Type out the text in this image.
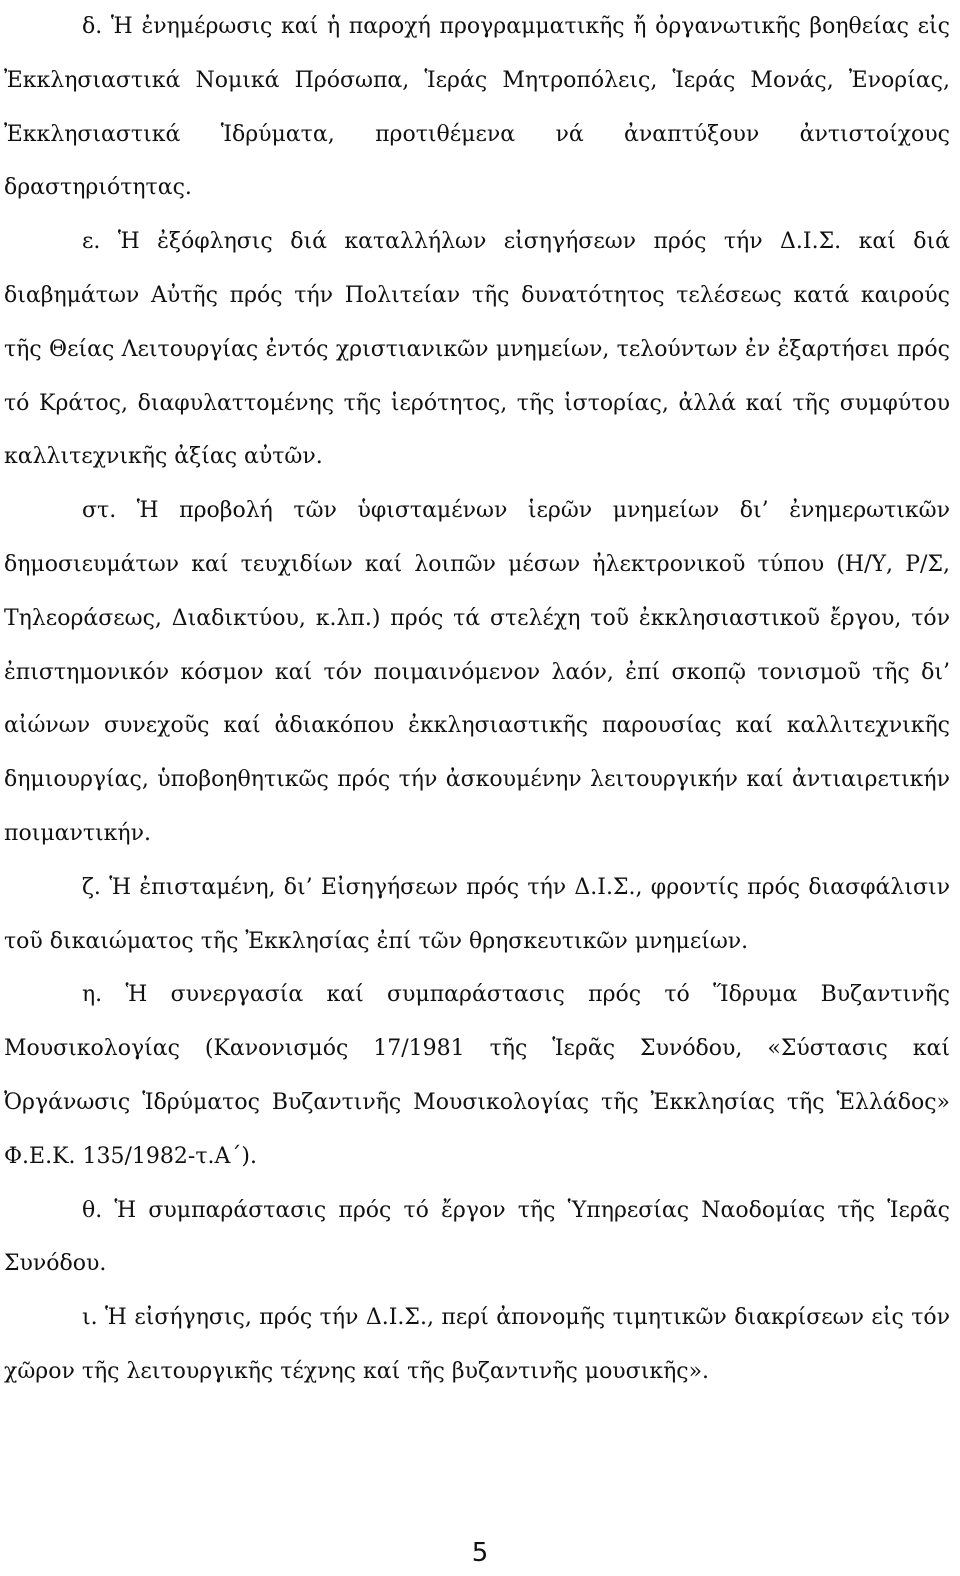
δ. Ἡ ἐνημέρωσις καί ἡ παροχή προγραμματικῆς ἤ ὀργανωτικῆς βοηθείας εἰς Ἐκκλησιαστικά Νομικά Πρόσωπα, Ἱεράς Μητροπόλεις, Ἱεράς Μονάς, Ἐνορίας, Ἐκκλησιαστικά Ἱδρύματα, προτιθέμενα νά ἀναπτύξουν ἀντιστοίχους δραστηριότητας.

ε. Ἡ ἐξόφλησις διά καταλλήλων εἰσηγήσεων πρός τήν Δ.Ι.Σ. καί διά διαβημάτων Αὐτῆς πρός τήν Πολιτείαν τῆς δυνατότητος τελέσεως κατά καιρούς τῆς Θείας Λειτουργίας ἐντός χριστιανικῶν μνημείων, τελούντων ἐν ἐξαρτήσει πρός τό Κράτος, διαφυλαττομένης τῆς ἱερότητος, τῆς ἱστορίας, ἀλλά καί τῆς συμφύτου καλλιτεχνικῆς ἀξίας αὐτῶν.

στ. Ἡ προβολή τῶν ὑφισταμένων ἱερῶν μνημείων δι’ ἐνημερωτικῶν δημοσιευμάτων καί τευχιδίων καί λοιπῶν μέσων ἠλεκτρονικοῦ τύπου (Η/Υ, Ρ/Σ, Τηλεοράσεως, Διαδικτύου, κ.λπ.) πρός τά στελέχη τοῦ ἐκκλησιαστικοῦ ἔργου, τόν ἐπιστημονικόν κόσμον καί τόν ποιμαινόμενον λαόν, ἐπί σκοπῷ τονισμοῦ τῆς δι’ αἰώνων συνεχοῦς καί ἀδιακόπου ἐκκλησιαστικῆς παρουσίας καί καλλιτεχνικῆς δημιουργίας, ὑποβοηθητικῶς πρός τήν ἀσκουμένην λειτουργικήν καί ἀντιαιρετικήν ποιμαντικήν.

ζ. Ἡ ἐπισταμένη, δι’ Εἰσηγήσεων πρός τήν Δ.Ι.Σ., φροντίς πρός διασφάλισιν τοῦ δικαιώματος τῆς Ἐκκλησίας ἐπί τῶν θρησκευτικῶν μνημείων.

η. Ἡ συνεργασία καί συμπαράστασις πρός τό Ἵδρυμα Βυζαντινῆς Μουσικολογίας (Κανονισμός 17/1981 τῆς Ἱερᾶς Συνόδου, «Σύστασις καί Ὀργάνωσις Ἱδρύματος Βυζαντινῆς Μουσικολογίας τῆς Ἐκκλησίας τῆς Ἑλλάδος» Φ.Ε.Κ. 135/1982-τ.Α΄).

θ. Ἡ συμπαράστασις πρός τό ἔργον τῆς Ὑπηρεσίας Ναοδομίας τῆς Ἱερᾶς Συνόδου.

ι. Ἡ εἰσήγησις, πρός τήν Δ.Ι.Σ., περί ἀπονομῆς τιμητικῶν διακρίσεων εἰς τόν χῶρον τῆς λειτουργικῆς τέχνης καί τῆς βυζαντινῆς μουσικῆς».

5
